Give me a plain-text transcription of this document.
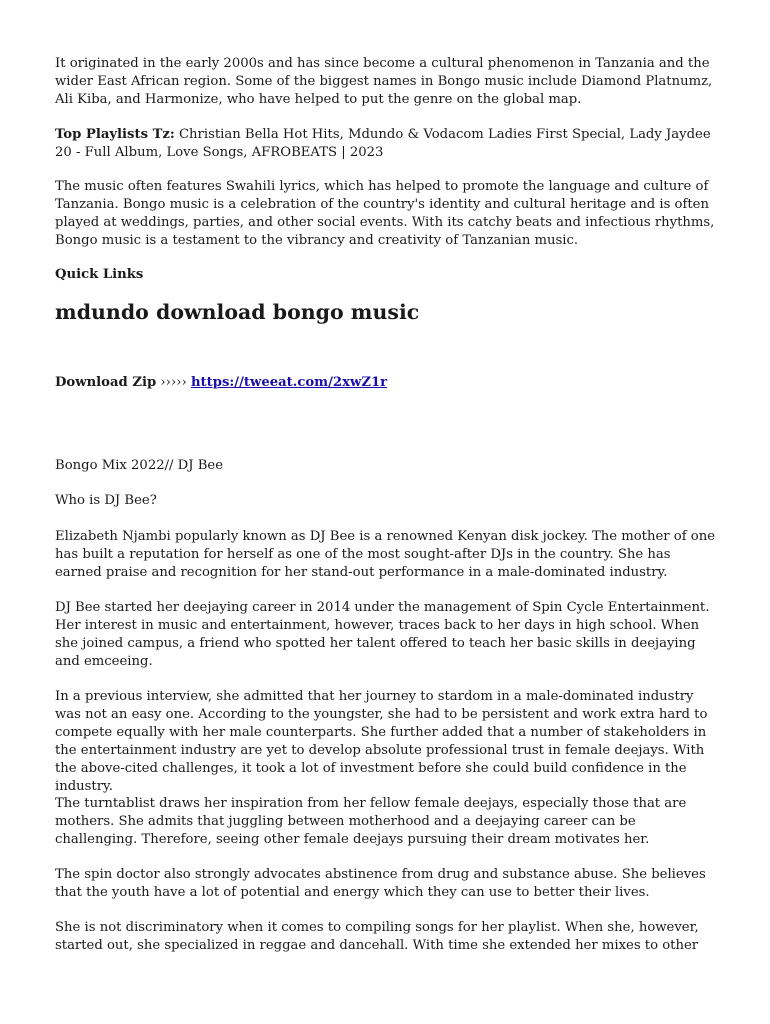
It originated in the early 2000s and has since become a cultural phenomenon in Tanzania and the wider East African region. Some of the biggest names in Bongo music include Diamond Platnumz, Ali Kiba, and Harmonize, who have helped to put the genre on the global map.

Top Playlists Tz: Christian Bella Hot Hits, Mdundo & Vodacom Ladies First Special, Lady Jaydee 20 - Full Album, Love Songs, AFROBEATS | 2023

The music often features Swahili lyrics, which has helped to promote the language and culture of Tanzania. Bongo music is a celebration of the country's identity and cultural heritage and is often played at weddings, parties, and other social events. With its catchy beats and infectious rhythms, Bongo music is a testament to the vibrancy and creativity of Tanzanian music.

Quick Links

mdundo download bongo music

Download Zip ››››› https://tweeat.com/2xwZ1r

Bongo Mix 2022// DJ Bee

Who is DJ Bee?

Elizabeth Njambi popularly known as DJ Bee is a renowned Kenyan disk jockey. The mother of one has built a reputation for herself as one of the most sought-after DJs in the country. She has earned praise and recognition for her stand-out performance in a male-dominated industry.

DJ Bee started her deejaying career in 2014 under the management of Spin Cycle Entertainment. Her interest in music and entertainment, however, traces back to her days in high school. When she joined campus, a friend who spotted her talent offered to teach her basic skills in deejaying and emceeing.

In a previous interview, she admitted that her journey to stardom in a male-dominated industry was not an easy one. According to the youngster, she had to be persistent and work extra hard to compete equally with her male counterparts. She further added that a number of stakeholders in the entertainment industry are yet to develop absolute professional trust in female deejays. With the above-cited challenges, it took a lot of investment before she could build confidence in the industry.

The turntablist draws her inspiration from her fellow female deejays, especially those that are mothers. She admits that juggling between motherhood and a deejaying career can be challenging. Therefore, seeing other female deejays pursuing their dream motivates her.

The spin doctor also strongly advocates abstinence from drug and substance abuse. She believes that the youth have a lot of potential and energy which they can use to better their lives.

She is not discriminatory when it comes to compiling songs for her playlist. When she, however, started out, she specialized in reggae and dancehall. With time she extended her mixes to other
